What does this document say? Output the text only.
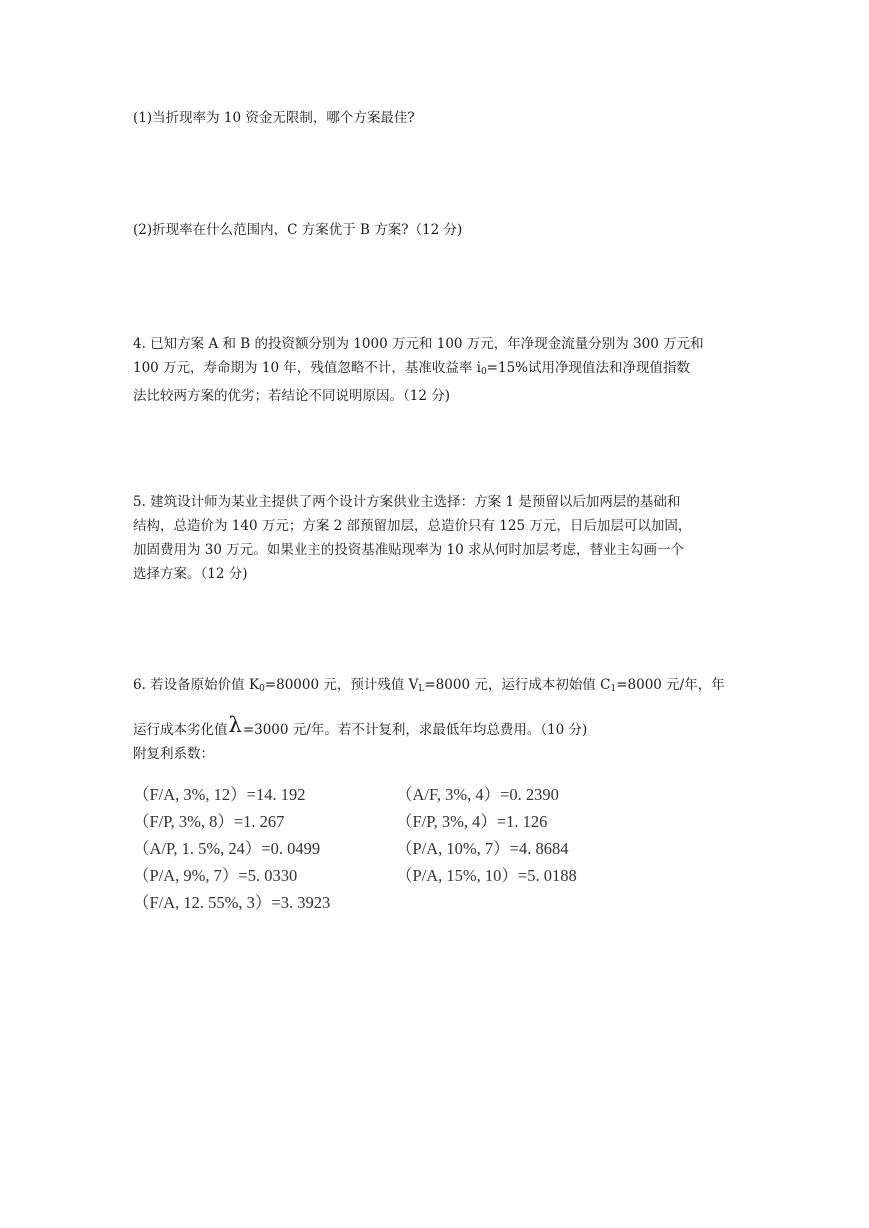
(1)当折现率为 10 资金无限制，哪个方案最佳?
(2)折现率在什么范围内，C 方案优于 B 方案?（12 分)
4. 已知方案 A 和 B 的投资额分别为 1000 万元和 100 万元，年净现金流量分别为 300 万元和
100 万元，寿命期为 10 年，残值忽略不计，基准收益率 $i_0=15\%$试用净现值法和净现值指数
法比较两方案的优劣；若结论不同说明原因。（12 分)
5. 建筑设计师为某业主提供了两个设计方案供业主选择：方案 1 是预留以后加两层的基础和
结构，总造价为 140 万元；方案 2 部预留加层，总造价只有 125 万元，日后加层可以加固，
加固费用为 30 万元。如果业主的投资基准贴现率为 10 求从何时加层考虑，替业主勾画一个
选择方案。（12 分)
6. 若设备原始价值 $K_0=80000$ 元，预计残值 $V_L=8000$ 元，运行成本初始值 $C_1=8000$ 元/年，年
运行成本劣化值λ=3000 元/年。若不计复利，求最低年均总费用。（10 分)
附复利系数：
（F/A, 3%, 12）=14. 192	（A/F, 3%, 4）=0. 2390
（F/P, 3%, 8）=1. 267	（F/P, 3%, 4）=1. 126
（A/P, 1. 5%, 24）=0. 0499	（P/A, 10%, 7）=4. 8684
（P/A, 9%, 7）=5. 0330	（P/A, 15%, 10）=5. 0188
（F/A, 12. 55%, 3）=3. 3923
